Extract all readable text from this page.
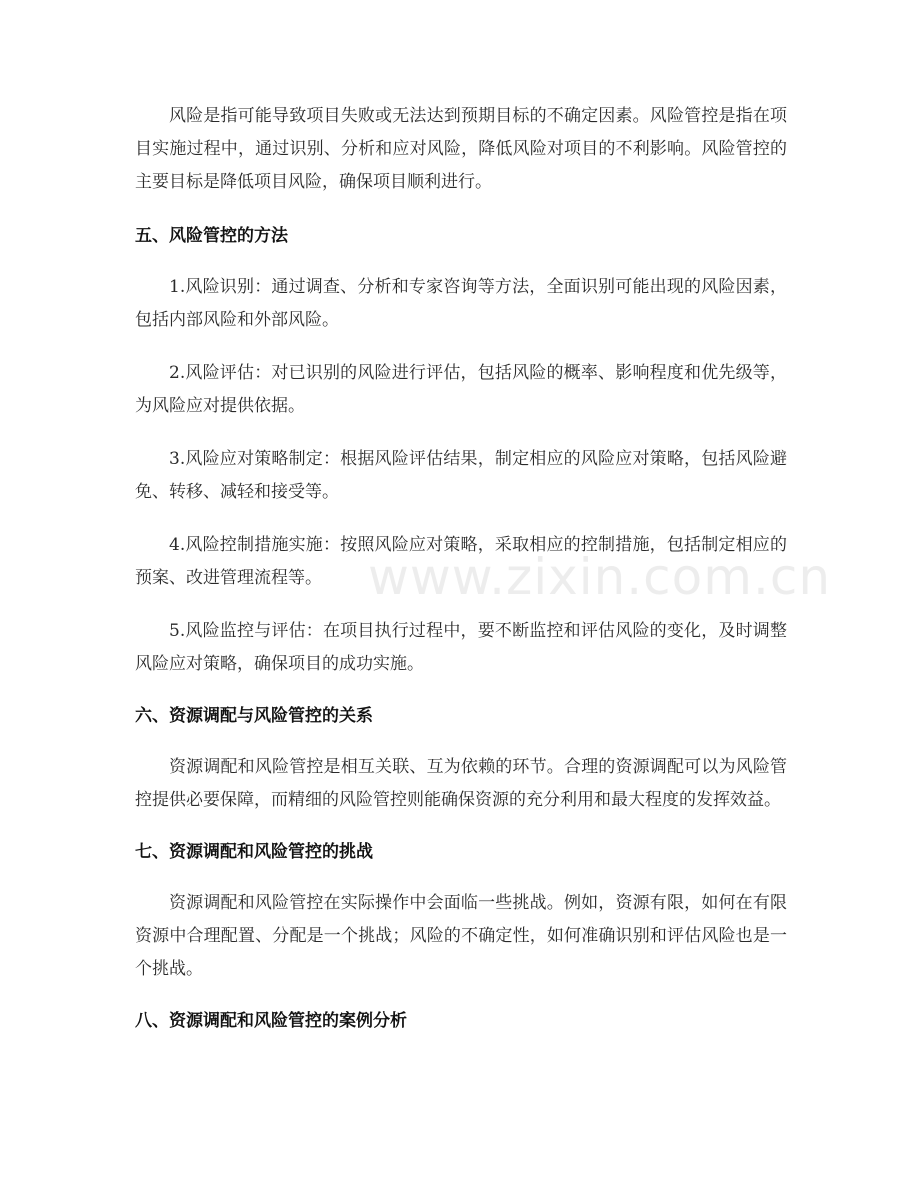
风险是指可能导致项目失败或无法达到预期目标的不确定因素。风险管控是指在项目实施过程中，通过识别、分析和应对风险，降低风险对项目的不利影响。风险管控的主要目标是降低项目风险，确保项目顺利进行。

五、风险管控的方法

1.风险识别：通过调查、分析和专家咨询等方法，全面识别可能出现的风险因素，包括内部风险和外部风险。

2.风险评估：对已识别的风险进行评估，包括风险的概率、影响程度和优先级等，为风险应对提供依据。

3.风险应对策略制定：根据风险评估结果，制定相应的风险应对策略，包括风险避免、转移、减轻和接受等。

4.风险控制措施实施：按照风险应对策略，采取相应的控制措施，包括制定相应的预案、改进管理流程等。

5.风险监控与评估：在项目执行过程中，要不断监控和评估风险的变化，及时调整风险应对策略，确保项目的成功实施。

六、资源调配与风险管控的关系

资源调配和风险管控是相互关联、互为依赖的环节。合理的资源调配可以为风险管控提供必要保障，而精细的风险管控则能确保资源的充分利用和最大程度的发挥效益。

七、资源调配和风险管控的挑战

资源调配和风险管控在实际操作中会面临一些挑战。例如，资源有限，如何在有限资源中合理配置、分配是一个挑战；风险的不确定性，如何准确识别和评估风险也是一个挑战。

八、资源调配和风险管控的案例分析
www.zixin.com.cn
